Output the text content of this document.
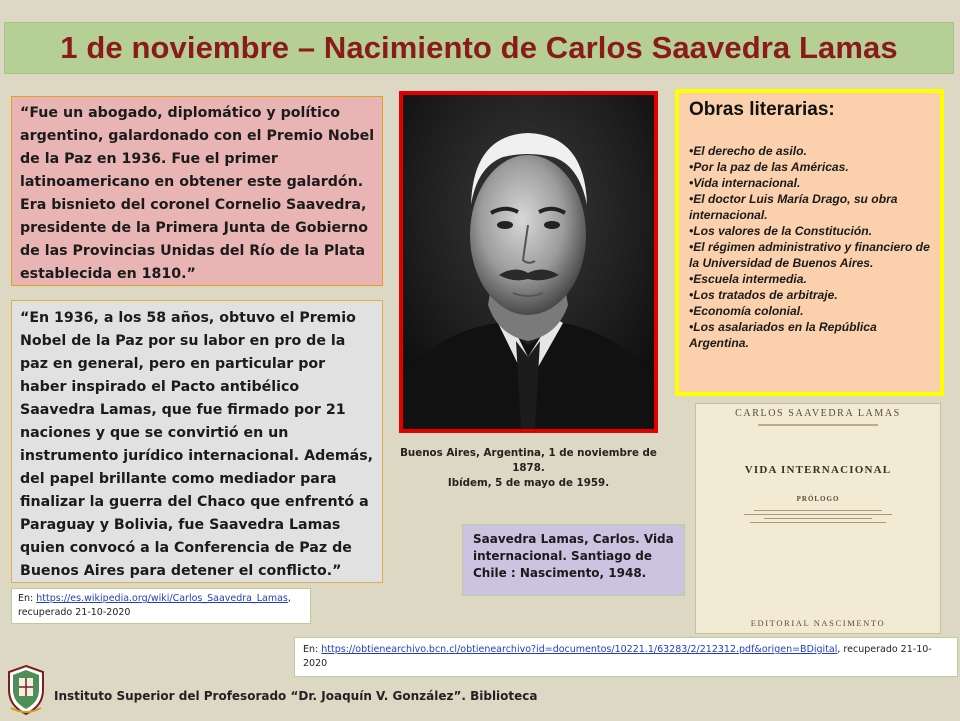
1 de noviembre – Nacimiento de Carlos Saavedra Lamas
“Fue un abogado, diplomático y político argentino, galardonado con el Premio Nobel de la Paz en 1936. Fue el primer latinoamericano en obtener este galardón. Era bisnieto del coronel Cornelio Saavedra, presidente de la Primera Junta de Gobierno de las Provincias Unidas del Río de la Plata establecida en 1810.”
“En 1936, a los 58 años, obtuvo el Premio Nobel de la Paz por su labor en pro de la paz en general, pero en particular por haber inspirado el Pacto antibélico Saavedra Lamas, que fue firmado por 21 naciones y que se convirtió en un instrumento jurídico internacional. Además, del papel brillante como mediador para finalizar la guerra del Chaco que enfrentó a Paraguay y Bolivia, fue Saavedra Lamas quien convocó a la Conferencia de Paz de Buenos Aires para detener el conflicto.”
En: https://es.wikipedia.org/wiki/Carlos_Saavedra_Lamas, recuperado 21-10-2020
Buenos Aires, Argentina, 1 de noviembre de 1878.
Ibídem, 5 de mayo de 1959.
Obras literarias:
•El derecho de asilo.
•Por la paz de las Américas.
•Vida internacional.
•El doctor Luis María Drago, su obra internacional.
•Los valores de la Constitución.
•El régimen administrativo y financiero de la Universidad de Buenos Aires.
•Escuela intermedia.
•Los tratados de arbitraje.
•Economía colonial.
•Los asalariados en la República Argentina.
CARLOS SAAVEDRA LAMAS
VIDA INTERNACIONAL
PRÓLOGO
EDITORIAL NASCIMENTO
Saavedra Lamas, Carlos. Vida internacional. Santiago de Chile : Nascimento, 1948.
En: https://obtienearchivo.bcn.cl/obtienearchivo?id=documentos/10221.1/63283/2/212312.pdf&origen=BDigital, recuperado 21-10-2020
Instituto Superior del Profesorado “Dr. Joaquín V. González”. Biblioteca
